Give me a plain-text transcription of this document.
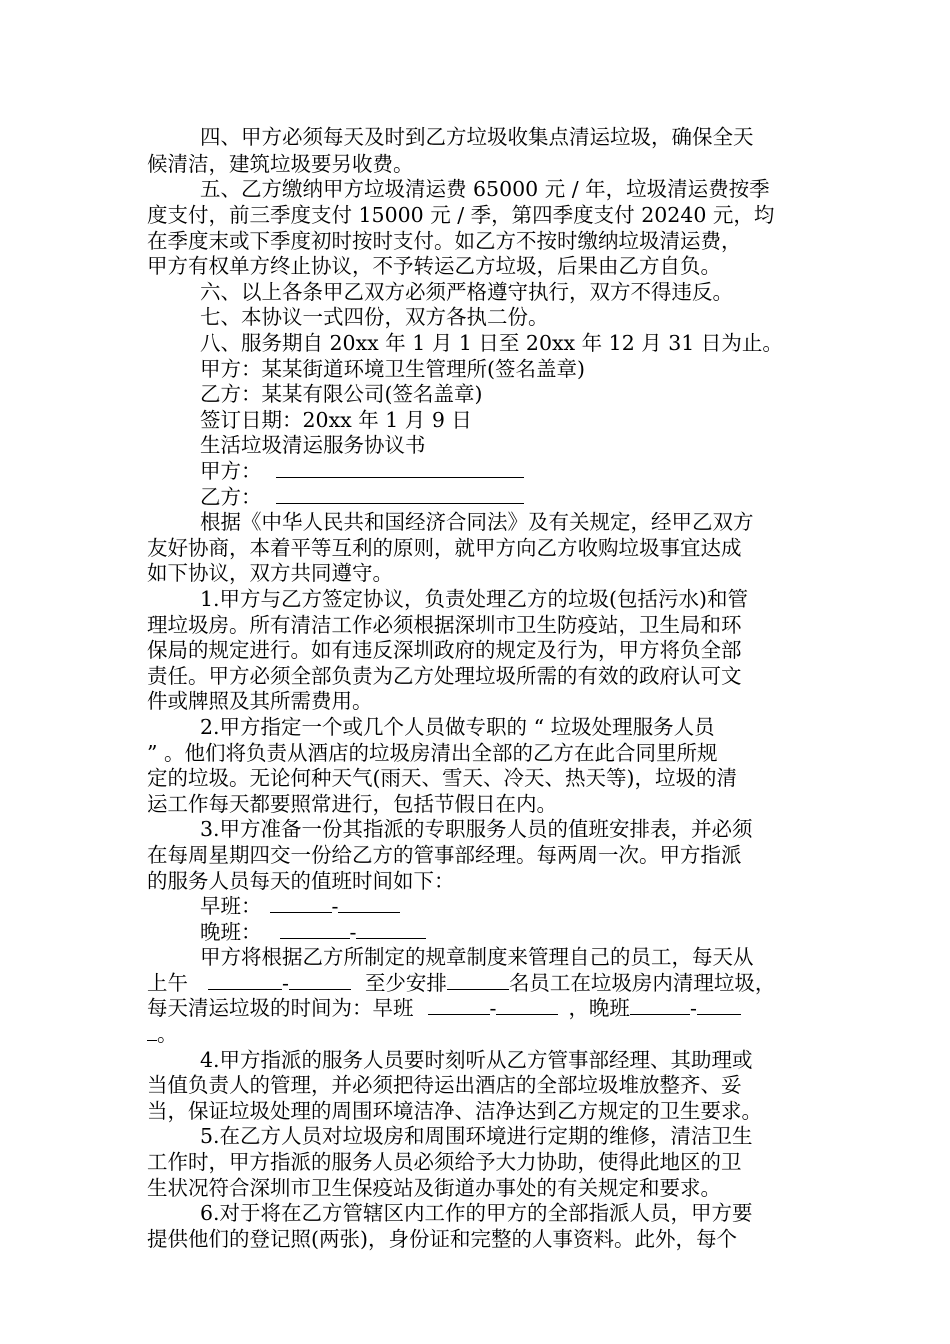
四、甲方必须每天及时到乙方垃圾收集点清运垃圾，确保全天
候清洁，建筑垃圾要另收费。
五、乙方缴纳甲方垃圾清运费 65000 元 / 年，垃圾清运费按季
度支付，前三季度支付 15000 元 / 季，第四季度支付 20240 元，均
在季度末或下季度初时按时支付。如乙方不按时缴纳垃圾清运费，
甲方有权单方终止协议，不予转运乙方垃圾，后果由乙方自负。
六、以上各条甲乙双方必须严格遵守执行，双方不得违反。
七、本协议一式四份，双方各执二份。
八、服务期自 20xx 年 1 月 1 日至 20xx 年 12 月 31 日为止。
甲方：某某街道环境卫生管理所(签名盖章)
乙方：某某有限公司(签名盖章)
签订日期：20xx 年 1 月 9 日
生活垃圾清运服务协议书
甲方：
乙方：
根据《中华人民共和国经济合同法》及有关规定，经甲乙双方
友好协商，本着平等互利的原则，就甲方向乙方收购垃圾事宜达成
如下协议，双方共同遵守。
1.甲方与乙方签定协议，负责处理乙方的垃圾(包括污水)和管
理垃圾房。所有清洁工作必须根据深圳市卫生防疫站，卫生局和环
保局的规定进行。如有违反深圳政府的规定及行为，甲方将负全部
责任。甲方必须全部负责为乙方处理垃圾所需的有效的政府认可文
件或牌照及其所需费用。
2.甲方指定一个或几个人员做专职的 “ 垃圾处理服务人员
” 。他们将负责从酒店的垃圾房清出全部的乙方在此合同里所规
定的垃圾。无论何种天气(雨天、雪天、冷天、热天等)，垃圾的清
运工作每天都要照常进行，包括节假日在内。
3.甲方准备一份其指派的专职服务人员的值班安排表，并必须
在每周星期四交一份给乙方的管事部经理。每两周一次。甲方指派
的服务人员每天的值班时间如下：
早班：	-
晚班：	-
甲方将根据乙方所制定的规章制度来管理自己的员工，每天从
上午	-	至少安排	名员工在垃圾房内清理垃圾，
每天清运垃圾的时间为：早班	-	，晚班	-
。
4.甲方指派的服务人员要时刻听从乙方管事部经理、其助理或
当值负责人的管理，并必须把待运出酒店的全部垃圾堆放整齐、妥
当，保证垃圾处理的周围环境洁净、洁净达到乙方规定的卫生要求。
5.在乙方人员对垃圾房和周围环境进行定期的维修，清洁卫生
工作时，甲方指派的服务人员必须给予大力协助，使得此地区的卫
生状况符合深圳市卫生保疫站及街道办事处的有关规定和要求。
6.对于将在乙方管辖区内工作的甲方的全部指派人员，甲方要
提供他们的登记照(两张)，身份证和完整的人事资料。此外，每个
